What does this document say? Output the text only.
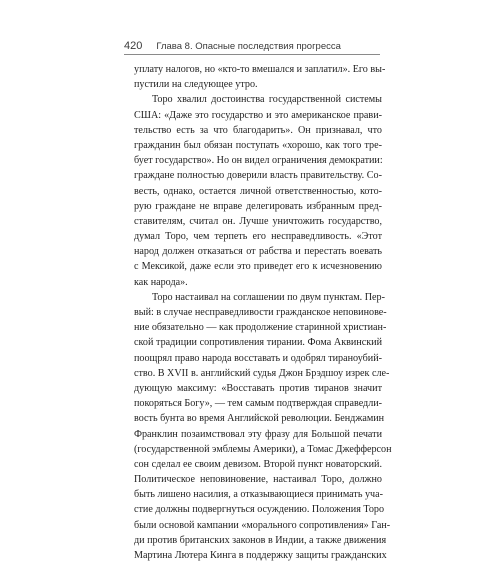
420 Глава 8. Опасные последствия прогресса
уплату налогов, но «кто-то вмешался и заплатил». Его вы-
пустили на следующее утро.
Торо хвалил достоинства государственной системы
США: «Даже это государство и это американское прави-
тельство есть за что благодарить». Он признавал, что
гражданин был обязан поступать «хорошо, как того тре-
бует государство». Но он видел ограничения демократии:
граждане полностью доверили власть правительству. Со-
весть, однако, остается личной ответственностью, кото-
рую граждане не вправе делегировать избранным пред-
ставителям, считал он. Лучше уничтожить государство,
думал Торо, чем терпеть его несправедливость. «Этот
народ должен отказаться от рабства и перестать воевать
с Мексикой, даже если это приведет его к исчезновению
как народа».
Торо настаивал на соглашении по двум пунктам. Пер-
вый: в случае несправедливости гражданское неповинове-
ние обязательно — как продолжение старинной христиан-
ской традиции сопротивления тирании. Фома Аквинский
поощрял право народа восставать и одобрял тираноубий-
ство. В XVII в. английский судья Джон Брэдшоу изрек сле-
дующую максиму: «Восставать против тиранов значит
покоряться Богу», — тем самым подтверждая справедли-
вость бунта во время Английской революции. Бенджамин
Франклин позаимствовал эту фразу для Большой печати
(государственной эмблемы Америки), а Томас Джефферсон
сон сделал ее своим девизом. Второй пункт новаторский.
Политическое неповиновение, настаивал Торо, должно
быть лишено насилия, а отказывающиеся принимать уча-
стие должны подвергнуться осуждению. Положения Торо
были основой кампании «морального сопротивления» Ган-
ди против британских законов в Индии, а также движения
Мартина Лютера Кинга в поддержку защиты гражданских
